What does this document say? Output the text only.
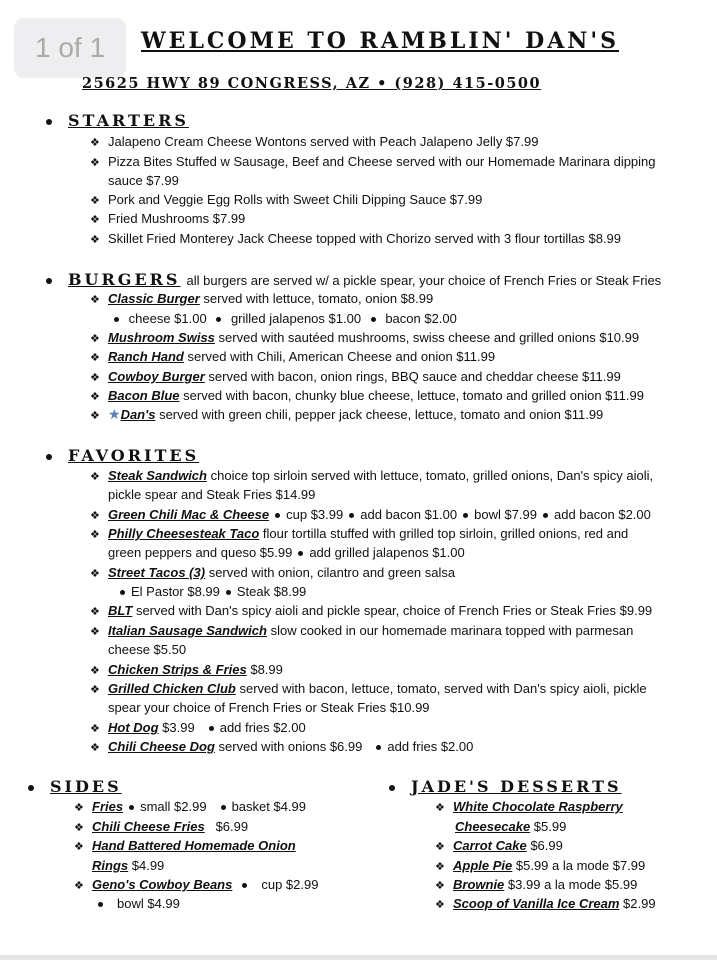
1 of 1	WELCOME TO RAMBLIN' DAN'S
25625 HWY 89 CONGRESS, AZ • (928) 415-0500
STARTERS
❖ Jalapeno Cream Cheese Wontons served with Peach Jalapeno Jelly $7.99
❖ Pizza Bites Stuffed w Sausage, Beef and Cheese served with our Homemade Marinara dipping
sauce $7.99
❖ Pork and Veggie Egg Rolls with Sweet Chili Dipping Sauce $7.99
❖ Fried Mushrooms $7.99
❖ Skillet Fried Monterey Jack Cheese topped with Chorizo served with 3 flour tortillas $8.99
BURGERS all burgers are served w/ a pickle spear, your choice of French Fries or Steak Fries
❖ Classic Burger served with lettuce, tomato, onion $8.99
cheese $1.00 grilled jalapenos $1.00 bacon $2.00
❖ Mushroom Swiss served with sautéed mushrooms, swiss cheese and grilled onions $10.99
❖ Ranch Hand served with Chili, American Cheese and onion $11.99
❖ Cowboy Burger served with bacon, onion rings, BBQ sauce and cheddar cheese $11.99
❖ Bacon Blue served with bacon, chunky blue cheese, lettuce, tomato and grilled onion $11.99
❖ ★Dan's served with green chili, pepper jack cheese, lettuce, tomato and onion $11.99
FAVORITES
❖ Steak Sandwich choice top sirloin served with lettuce, tomato, grilled onions, Dan's spicy aioli,
pickle spear and Steak Fries $14.99
❖ Green Chili Mac & Cheese cup $3.99 add bacon $1.00 bowl $7.99 add bacon $2.00
❖ Philly Cheesesteak Taco flour tortilla stuffed with grilled top sirloin, grilled onions, red and
green peppers and queso $5.99 add grilled jalapenos $1.00
❖ Street Tacos (3) served with onion, cilantro and green salsa
El Pastor $8.99 Steak $8.99
❖ BLT served with Dan's spicy aioli and pickle spear, choice of French Fries or Steak Fries $9.99
❖ Italian Sausage Sandwich slow cooked in our homemade marinara topped with parmesan
cheese $5.50
❖ Chicken Strips & Fries $8.99
❖ Grilled Chicken Club served with bacon, lettuce, tomato, served with Dan's spicy aioli, pickle
spear your choice of French Fries or Steak Fries $10.99
❖ Hot Dog $3.99 add fries $2.00
❖ Chili Cheese Dog served with onions $6.99 add fries $2.00
SIDES
❖ Fries small $2.99 basket $4.99
❖ Chili Cheese Fries $6.99
❖ Hand Battered Homemade Onion
Rings $4.99
❖ Geno's Cowboy Beans cup $2.99
bowl $4.99
JADE'S DESSERTS
❖ White Chocolate Raspberry
Cheesecake $5.99
❖ Carrot Cake $6.99
❖ Apple Pie $5.99 a la mode $7.99
❖ Brownie $3.99 a la mode $5.99
❖ Scoop of Vanilla Ice Cream $2.99
